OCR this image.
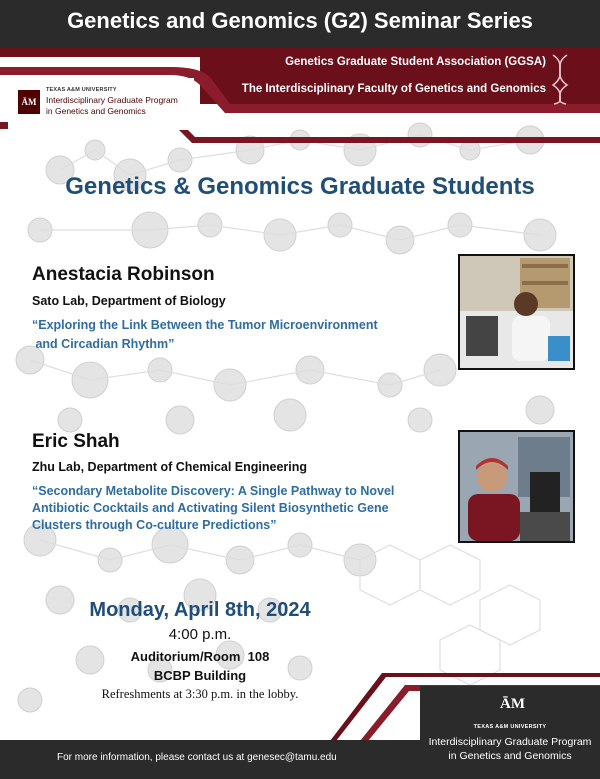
Genetics and Genomics (G2) Seminar Series
Genetics Graduate Student Association (GGSA)
The Interdisciplinary Faculty of Genetics and Genomics
ĀM
TEXAS A&M UNIVERSITY
Interdisciplinary Graduate Program
in Genetics and Genomics
Genetics & Genomics Graduate Students
Anestacia Robinson
Sato Lab, Department of Biology
“Exploring the Link Between the Tumor Microenvironment
and Circadian Rhythm”
Eric Shah
Zhu Lab, Department of Chemical Engineering
“Secondary Metabolite Discovery: A Single Pathway to Novel
Antibiotic Cocktails and Activating Silent Biosynthetic Gene
Clusters through Co-culture Predictions”
Monday, April 8th, 2024
4:00 p.m.
Auditorium/Room  108
BCBP Building
Refreshments at 3:30 p.m. in the lobby.
For more information, please contact us at genesec@tamu.edu
ĀM
TEXAS A&M UNIVERSITY
Interdisciplinary Graduate Program
in Genetics and Genomics
